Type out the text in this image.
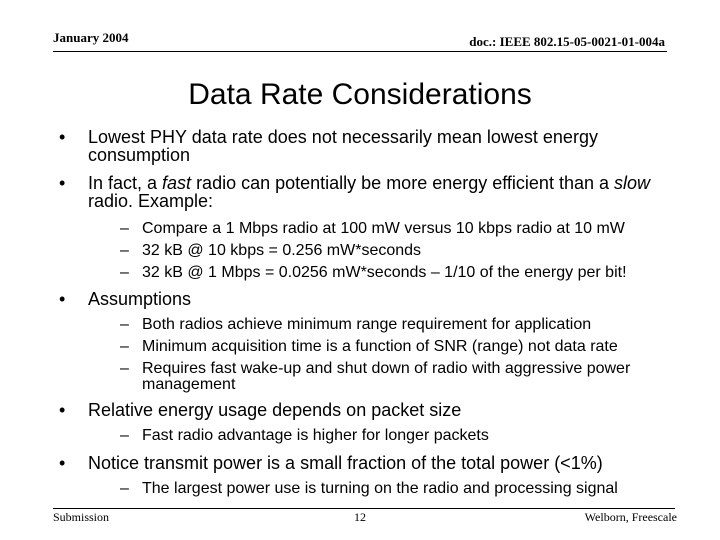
January 2004	doc.: IEEE 802.15-05-0021-01-004a
Data Rate Considerations
• Lowest PHY data rate does not necessarily mean lowest energy consumption
• In fact, a fast radio can potentially be more energy efficient than a slow radio. Example:
– Compare a 1 Mbps radio at 100 mW versus 10 kbps radio at 10 mW
– 32 kB @ 10 kbps = 0.256 mW*seconds
– 32 kB @ 1 Mbps = 0.0256 mW*seconds – 1/10 of the energy per bit!
• Assumptions
– Both radios achieve minimum range requirement for application
– Minimum acquisition time is a function of SNR (range) not data rate
– Requires fast wake-up and shut down of radio with aggressive power management
• Relative energy usage depends on packet size
– Fast radio advantage is higher for longer packets
• Notice transmit power is a small fraction of the total power (<1%)
– The largest power use is turning on the radio and processing signal
Submission	12	Welborn, Freescale
